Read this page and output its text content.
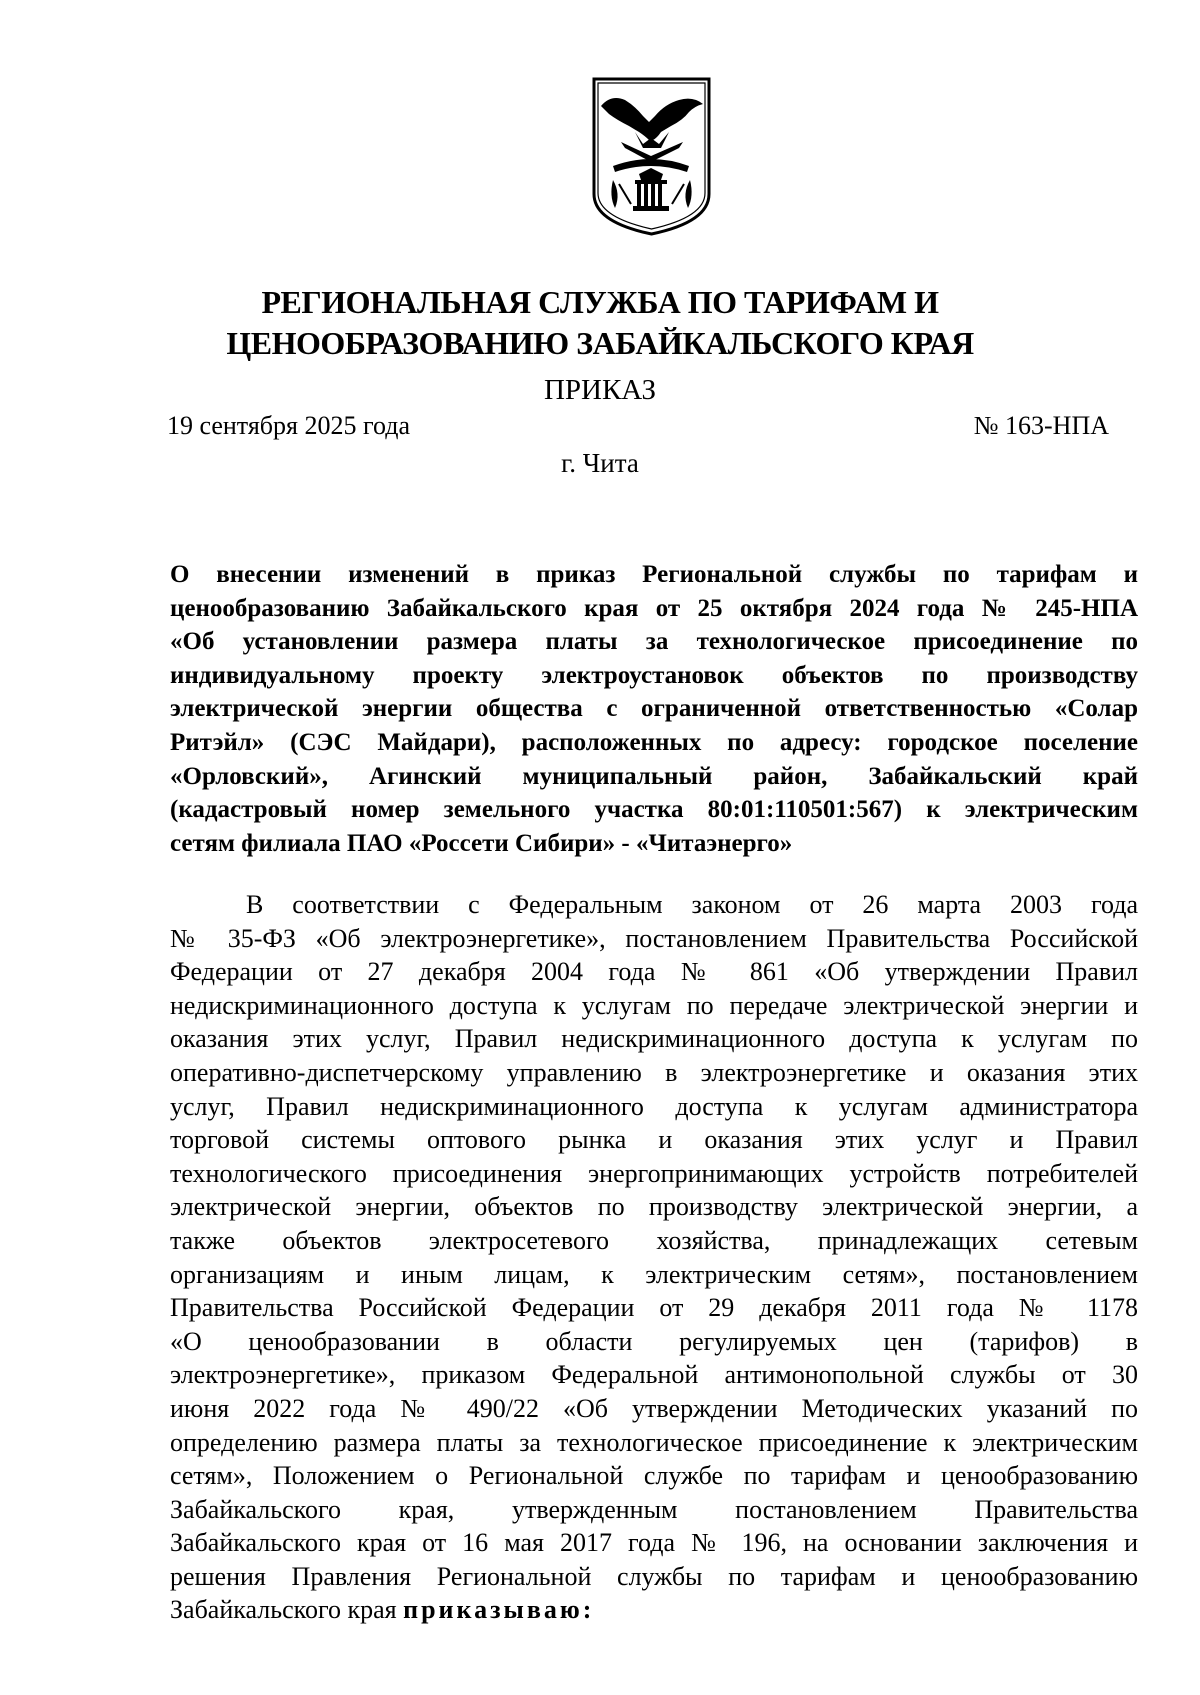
РЕГИОНАЛЬНАЯ СЛУЖБА ПО ТАРИФАМ И
ЦЕНООБРАЗОВАНИЮ ЗАБАЙКАЛЬСКОГО КРАЯ
ПРИКАЗ
19 сентября 2025 года	№ 163-НПА
г. Чита
О внесении изменений в приказ Региональной службы по тарифам и
ценообразованию Забайкальского края от 25 октября 2024 года № 245-НПА
«Об установлении размера платы за технологическое присоединение по
индивидуальному проекту электроустановок объектов по производству
электрической энергии общества с ограниченной ответственностью «Солар
Ритэйл» (СЭС Майдари), расположенных по адресу: городское поселение
«Орловский», Агинский муниципальный район, Забайкальский край
(кадастровый номер земельного участка 80:01:110501:567) к электрическим
сетям филиала ПАО «Россети Сибири» - «Читаэнерго»
В соответствии с Федеральным законом от 26 марта 2003 года
№ 35-ФЗ «Об электроэнергетике», постановлением Правительства Российской
Федерации от 27 декабря 2004 года № 861 «Об утверждении Правил
недискриминационного доступа к услугам по передаче электрической энергии и
оказания этих услуг, Правил недискриминационного доступа к услугам по
оперативно-диспетчерскому управлению в электроэнергетике и оказания этих
услуг, Правил недискриминационного доступа к услугам администратора
торговой системы оптового рынка и оказания этих услуг и Правил
технологического присоединения энергопринимающих устройств потребителей
электрической энергии, объектов по производству электрической энергии, а
также объектов электросетевого хозяйства, принадлежащих сетевым
организациям и иным лицам, к электрическим сетям», постановлением
Правительства Российской Федерации от 29 декабря 2011 года № 1178
«О ценообразовании в области регулируемых цен (тарифов) в
электроэнергетике», приказом Федеральной антимонопольной службы от 30
июня 2022 года № 490/22 «Об утверждении Методических указаний по
определению размера платы за технологическое присоединение к электрическим
сетям», Положением о Региональной службе по тарифам и ценообразованию
Забайкальского края, утвержденным постановлением Правительства
Забайкальского края от 16 мая 2017 года № 196, на основании заключения и
решения Правления Региональной службы по тарифам и ценообразованию
Забайкальского края приказываю:
